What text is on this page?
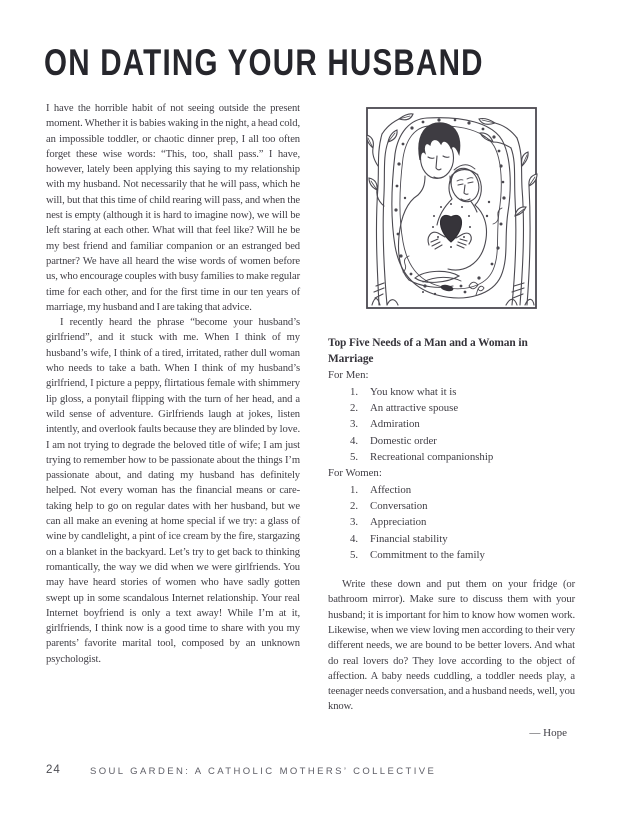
ON DATING YOUR HUSBAND

I have the horrible habit of not seeing outside the present moment. Whether it is babies waking in the night, a head cold, an impossible toddler, or chaotic dinner prep, I all too often forget these wise words: “This, too, shall pass.” I have, however, lately been applying this saying to my relationship with my husband. Not necessarily that he will pass, which he will, but that this time of child rearing will pass, and when the nest is empty (although it is hard to imagine now), we will be left staring at each other. What will that feel like? Will he be my best friend and familiar companion or an estranged bed partner? We have all heard the wise words of women before us, who encourage couples with busy families to make regular time for each other, and for the first time in our ten years of marriage, my husband and I are taking that advice.

I recently heard the phrase “become your husband’s girlfriend”, and it stuck with me. When I think of my husband’s wife, I think of a tired, irritated, rather dull woman who needs to take a bath. When I think of my husband’s girlfriend, I picture a peppy, flirtatious female with shimmery lip gloss, a ponytail flipping with the turn of her head, and a wild sense of adventure. Girlfriends laugh at jokes, listen intently, and overlook faults because they are blinded by love. I am not trying to degrade the beloved title of wife; I am just trying to remember how to be passionate about the things I’m passionate about, and dating my husband has definitely helped. Not every woman has the financial means or care-taking help to go on regular dates with her husband, but we can all make an evening at home special if we try: a glass of wine by candlelight, a pint of ice cream by the fire, stargazing on a blanket in the backyard. Let’s try to get back to thinking romantically, the way we did when we were girlfriends. You may have heard stories of women who have sadly gotten swept up in some scandalous Internet relationship. Your real Internet boyfriend is only a text away! While I’m at it, girlfriends, I think now is a good time to share with you my parents’ favorite marital tool, composed by an unknown psychologist.

Top Five Needs of a Man and a Woman in Marriage
For Men:
1. You know what it is
2. An attractive spouse
3. Admiration
4. Domestic order
5. Recreational companionship
For Women:
1. Affection
2. Conversation
3. Appreciation
4. Financial stability
5. Commitment to the family

Write these down and put them on your fridge (or bathroom mirror). Make sure to discuss them with your husband; it is important for him to know how women work. Likewise, when we view loving men according to their very different needs, we are bound to be better lovers. And what do real lovers do? They love according to the object of affection. A baby needs cuddling, a toddler needs play, a teenager needs conversation, and a husband needs, well, you know.

— Hope
24	SOUL GARDEN: A CATHOLIC MOTHERS’ COLLECTIVE
